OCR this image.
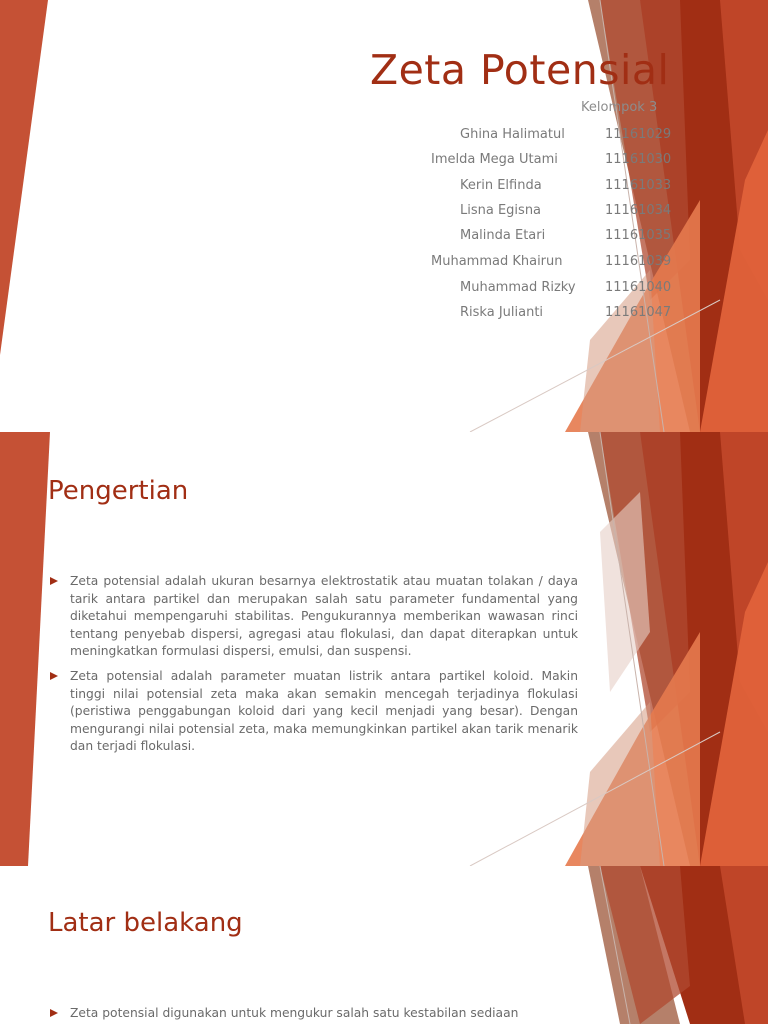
Zeta Potensial
Kelompok 3
Ghina Halimatul	11161029
Imelda Mega Utami	11161030
Kerin Elfinda	11161033
Lisna Egisna	11161034
Malinda Etari	11161035
Muhammad Khairun	11161039
Muhammad Rizky 11161040
Riska Julianti	11161047
Pengertian
Zeta potensial adalah ukuran besarnya elektrostatik atau muatan tolakan / daya tarik antara partikel dan merupakan salah satu parameter fundamental yang diketahui mempengaruhi stabilitas. Pengukurannya memberikan wawasan rinci tentang penyebab dispersi, agregasi atau flokulasi, dan dapat diterapkan untuk meningkatkan formulasi dispersi, emulsi, dan suspensi.
Zeta potensial adalah parameter muatan listrik antara partikel koloid. Makin tinggi nilai potensial zeta maka akan semakin mencegah terjadinya flokulasi (peristiwa penggabungan koloid dari yang kecil menjadi yang besar). Dengan mengurangi nilai potensial zeta, maka memungkinkan partikel akan tarik menarik dan terjadi flokulasi.
Latar belakang
Zeta potensial digunakan untuk mengukur salah satu kestabilan sediaan
